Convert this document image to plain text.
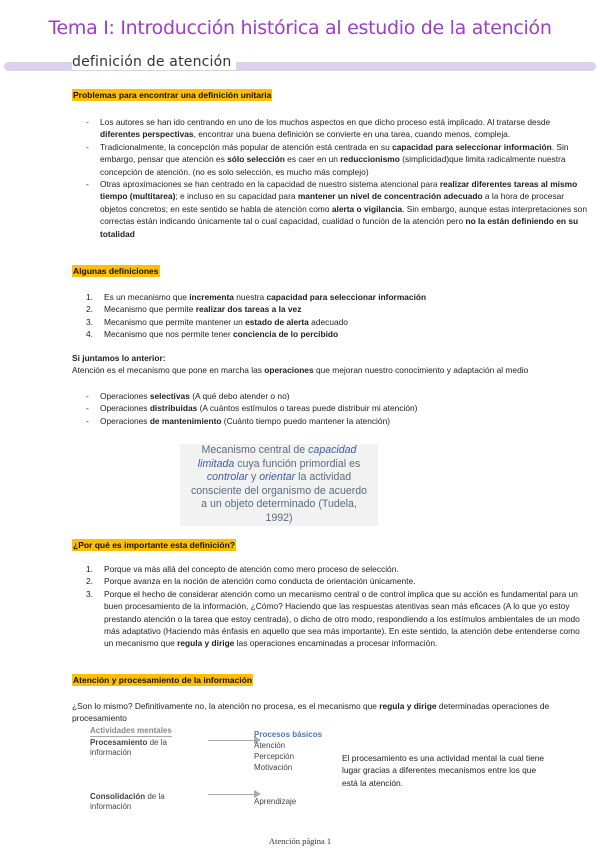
Tema I: Introducción histórica al estudio de la atención
definición de atención
Problemas para encontrar una definición unitaria
- Los autores se han ido centrando en uno de los muchos aspectos en que dicho proceso está implicado. Al tratarse desde diferentes perspectivas, encontrar una buena definición se convierte en una tarea, cuando menos, compleja.
- Tradicionalmente, la concepción más popular de atención está centrada en su capacidad para seleccionar información. Sin embargo, pensar que atención es sólo selección es caer en un reduccionismo (simplicidad)que limita radicalmente nuestra concepción de atención. (no es solo selección, es mucho más complejo)
- Otras aproximaciones se han centrado en la capacidad de nuestro sistema atencional para realizar diferentes tareas al mismo tiempo (multitarea); e incluso en su capacidad para mantener un nivel de concentración adecuado a la hora de procesar objetos concretos; en este sentido se habla de atención como alerta o vigilancia. Sin embargo, aunque estas interpretaciones son correctas están indicando únicamente tal o cual capacidad, cualidad o función de la atención pero no la están definiendo en su totalidad
Algunas definiciones
1. Es un mecanismo que incrementa nuestra capacidad para seleccionar información
2. Mecanismo que permite realizar dos tareas a la vez
3. Mecanismo que permite mantener un estado de alerta adecuado
4. Mecanismo que nos permite tener conciencia de lo percibido
Si juntamos lo anterior:
Atención es el mecanismo que pone en marcha las operaciones que mejoran nuestro conocimiento y adaptación al medio
- Operaciones selectivas (A qué debo atender o no)
- Operaciones distribuidas (A cuántos estímulos o tareas puede distribuir mi atención)
- Operaciones de mantenimiento (Cuánto tiempo puedo mantener la atención)
Mecanismo central de capacidad
limitada cuya función primordial es
controlar y orientar la actividad
consciente del organismo de acuerdo
a un objeto determinado (Tudela,
1992)
¿Por qué es importante esta definición?
1. Porque va más allá del concepto de atención como mero proceso de selección.
2. Porque avanza en la noción de atención como conducta de orientación únicamente.
3. Porque el hecho de considerar atención como un mecanismo central o de control implica que su acción es fundamental para un buen procesamiento de la información, ¿Cómo? Haciendo que las respuestas atentivas sean más eficaces (A lo que yo estoy prestando atención o la tarea que estoy centrada), o dicho de otro modo, respondiendo a los estímulos ambientales de un modo más adaptativo (Haciendo más énfasis en aquello que sea más importante). En este sentido, la atención debe entenderse como un mecanismo que regula y dirige las operaciones encaminadas a procesar información.
Atención y procesamiento de la información
¿Son lo mismo? Definitivamente no, la atención no procesa, es el mecanismo que regula y dirige determinadas operaciones de procesamiento
Actividades mentales
Procesamiento de la
información
Procesos básicos
Atención
Percepción
Motivación
Consolidación de la
información
Aprendizaje
El procesamiento es una actividad mental la cual tiene lugar gracias a diferentes mecanismos entre los que está la atención.
Atención página 1
